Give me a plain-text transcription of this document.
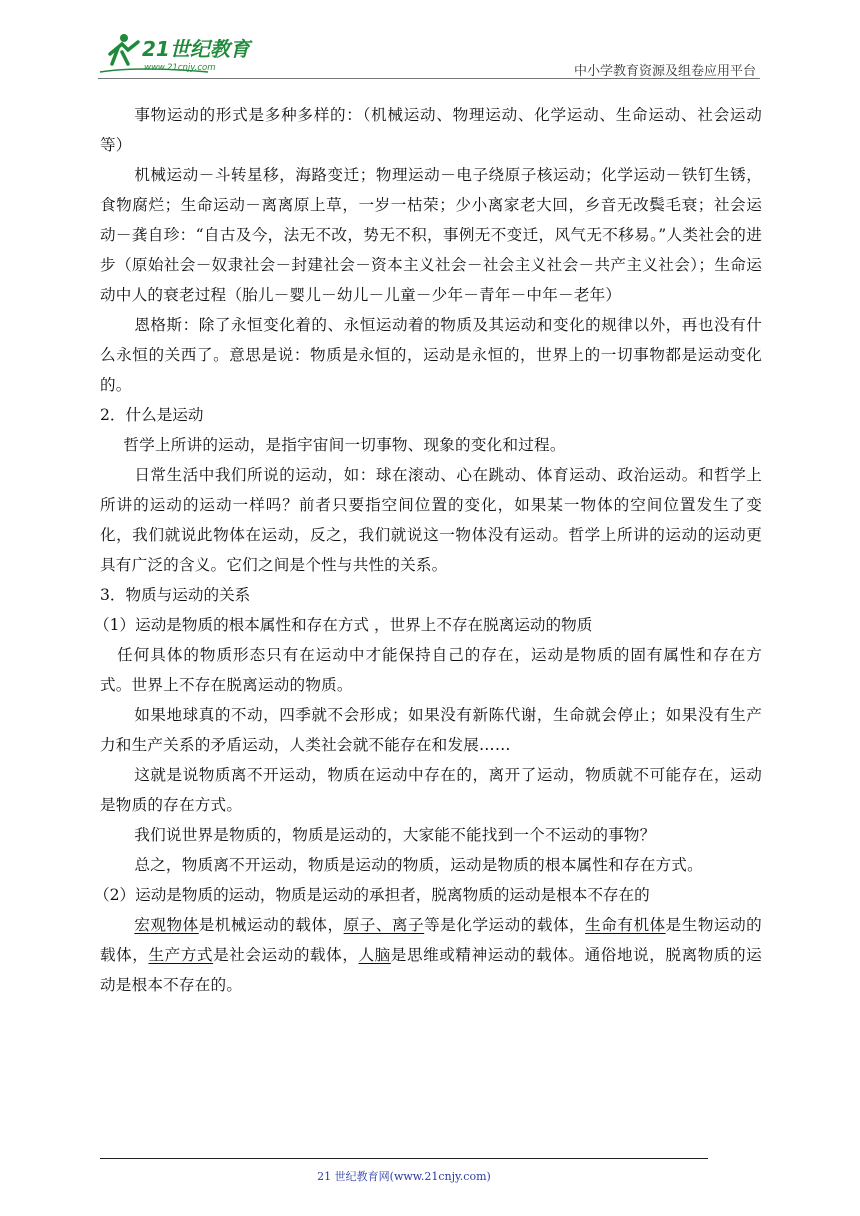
21世纪教育
www.21cnjy.com	中小学教育资源及组卷应用平台

事物运动的形式是多种多样的：（机械运动、物理运动、化学运动、生命运动、社会运动等）

机械运动－斗转星移，海路变迁；物理运动－电子绕原子核运动；化学运动－铁钉生锈，食物腐烂；生命运动－离离原上草，一岁一枯荣；少小离家老大回，乡音无改鬓毛衰；社会运动－龚自珍：“自古及今，法无不改，势无不积，事例无不变迁，风气无不移易。”人类社会的进步（原始社会－奴隶社会－封建社会－资本主义社会－社会主义社会－共产主义社会）；生命运动中人的衰老过程（胎儿－婴儿－幼儿－儿童－少年－青年－中年－老年）

恩格斯：除了永恒变化着的、永恒运动着的物质及其运动和变化的规律以外，再也没有什么永恒的关西了。意思是说：物质是永恒的，运动是永恒的，世界上的一切事物都是运动变化的。

2．什么是运动

哲学上所讲的运动，是指宇宙间一切事物、现象的变化和过程。

日常生活中我们所说的运动，如：球在滚动、心在跳动、体育运动、政治运动。和哲学上所讲的运动的运动一样吗？前者只要指空间位置的变化，如果某一物体的空间位置发生了变化，我们就说此物体在运动，反之，我们就说这一物体没有运动。哲学上所讲的运动的运动更具有广泛的含义。它们之间是个性与共性的关系。

3．物质与运动的关系

（1）运动是物质的根本属性和存在方式 ，世界上不存在脱离运动的物质

任何具体的物质形态只有在运动中才能保持自己的存在，运动是物质的固有属性和存在方式。世界上不存在脱离运动的物质。

如果地球真的不动，四季就不会形成；如果没有新陈代谢，生命就会停止；如果没有生产力和生产关系的矛盾运动，人类社会就不能存在和发展……

这就是说物质离不开运动，物质在运动中存在的，离开了运动，物质就不可能存在，运动是物质的存在方式。

我们说世界是物质的，物质是运动的，大家能不能找到一个不运动的事物？

总之，物质离不开运动，物质是运动的物质，运动是物质的根本属性和存在方式。

（2）运动是物质的运动，物质是运动的承担者，脱离物质的运动是根本不存在的

宏观物体是机械运动的载体，原子、离子等是化学运动的载体，生命有机体是生物运动的载体，生产方式是社会运动的载体，人脑是思维或精神运动的载体。通俗地说，脱离物质的运动是根本不存在的。

21 世纪教育网(www.21cnjy.com)
